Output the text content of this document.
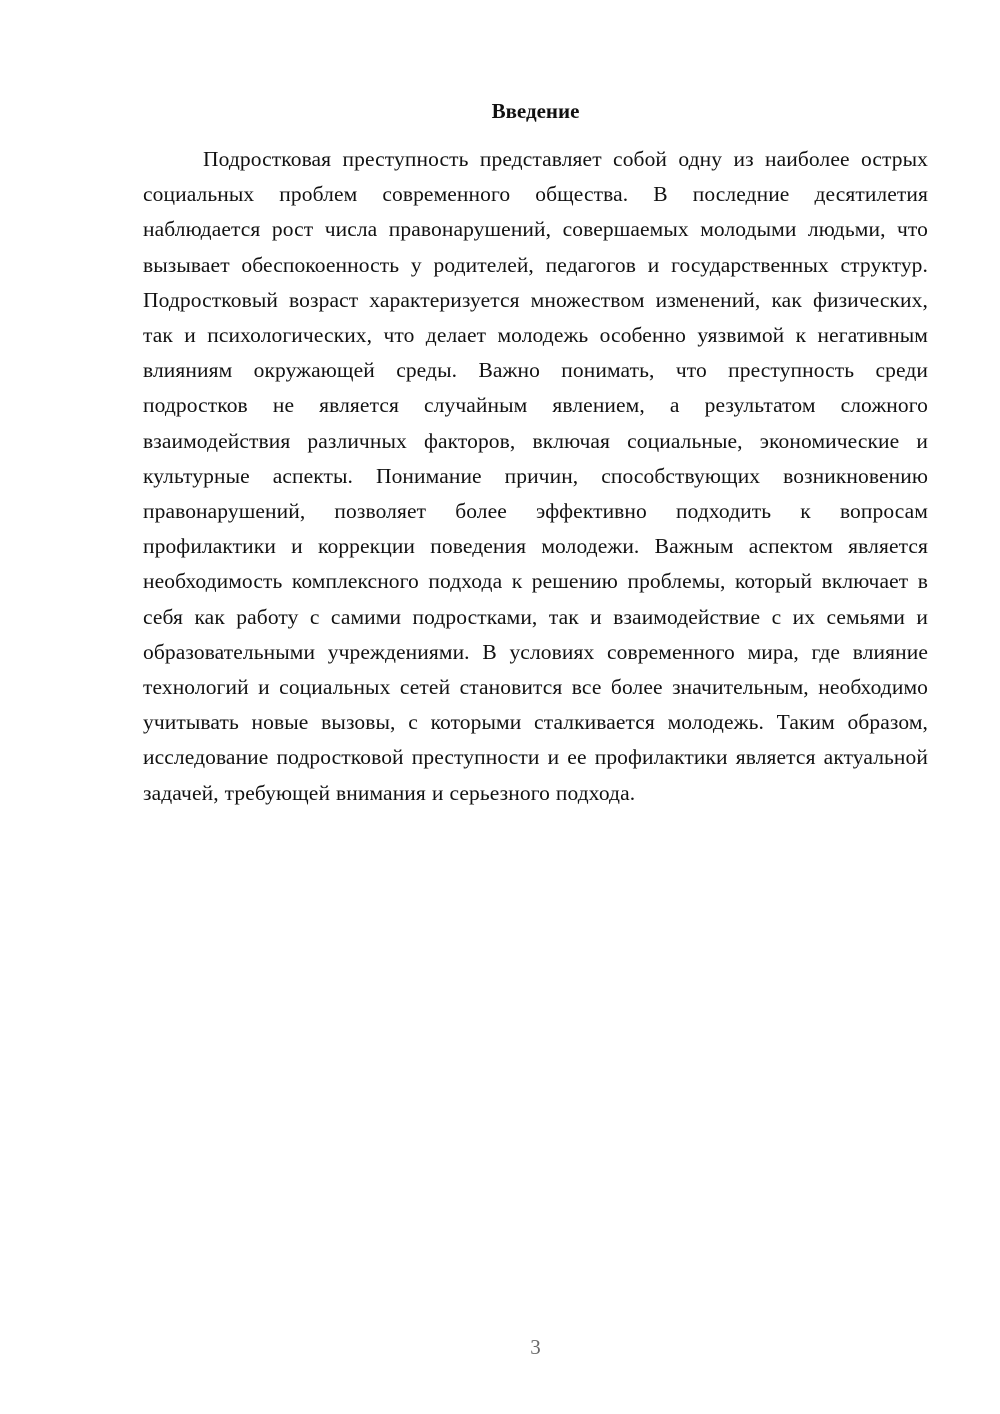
Введение

Подростковая преступность представляет собой одну из наиболее острых социальных проблем современного общества. В последние десятилетия наблюдается рост числа правонарушений, совершаемых молодыми людьми, что вызывает обеспокоенность у родителей, педагогов и государственных структур. Подростковый возраст характеризуется множеством изменений, как физических, так и психологических, что делает молодежь особенно уязвимой к негативным влияниям окружающей среды. Важно понимать, что преступность среди подростков не является случайным явлением, а результатом сложного взаимодействия различных факторов, включая социальные, экономические и культурные аспекты. Понимание причин, способствующих возникновению правонарушений, позволяет более эффективно подходить к вопросам профилактики и коррекции поведения молодежи. Важным аспектом является необходимость комплексного подхода к решению проблемы, который включает в себя как работу с самими подростками, так и взаимодействие с их семьями и образовательными учреждениями. В условиях современного мира, где влияние технологий и социальных сетей становится все более значительным, необходимо учитывать новые вызовы, с которыми сталкивается молодежь. Таким образом, исследование подростковой преступности и ее профилактики является актуальной задачей, требующей внимания и серьезного подхода.

3
